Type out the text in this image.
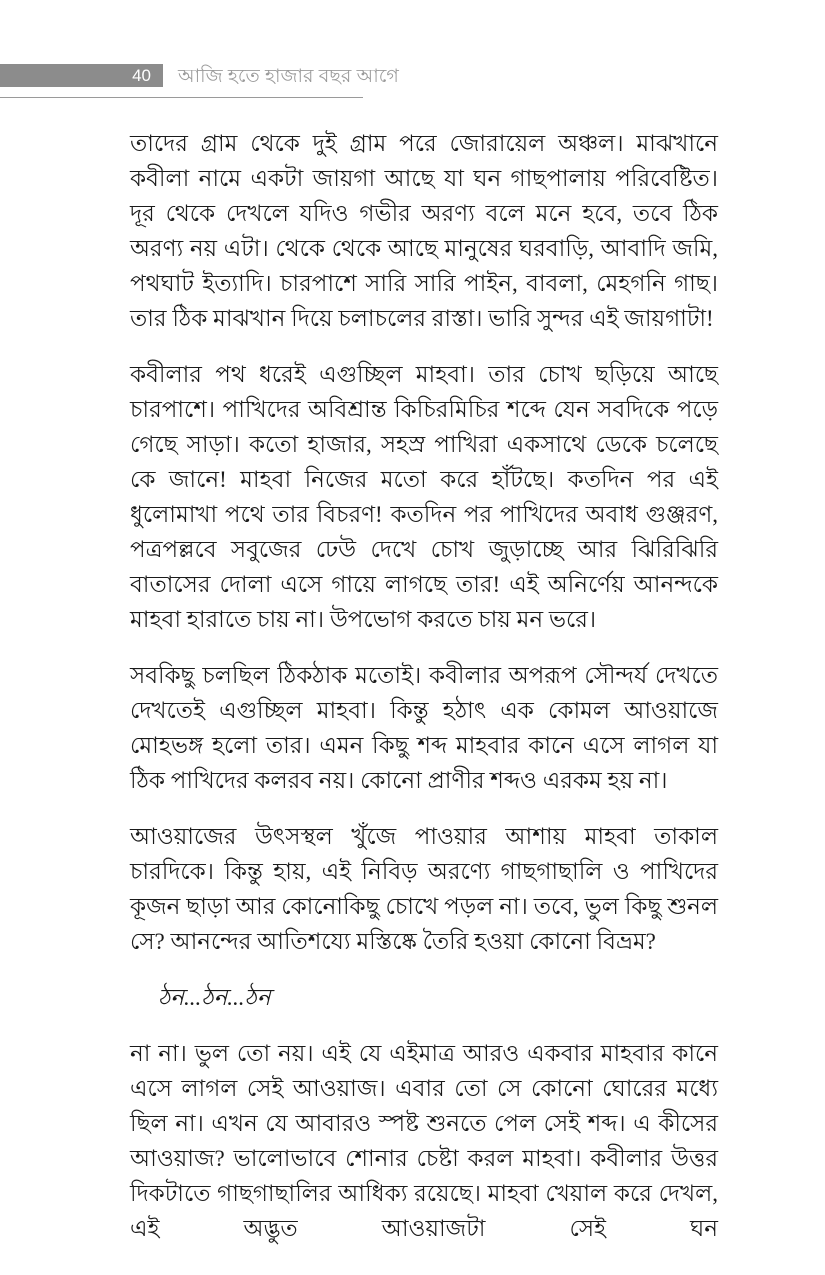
40 আজি হতে হাজার বছর আগে

তাদের গ্রাম থেকে দুই গ্রাম পরে জোরায়েল অঞ্চল। মাঝখানে কবীলা নামে একটা জায়গা আছে যা ঘন গাছপালায় পরিবেষ্টিত। দূর থেকে দেখলে যদিও গভীর অরণ্য বলে মনে হবে, তবে ঠিক অরণ্য নয় এটা। থেকে থেকে আছে মানুষের ঘরবাড়ি, আবাদি জমি, পথঘাট ইত্যাদি। চারপাশে সারি সারি পাইন, বাবলা, মেহগনি গাছ। তার ঠিক মাঝখান দিয়ে চলাচলের রাস্তা। ভারি সুন্দর এই জায়গাটা!

কবীলার পথ ধরেই এগুচ্ছিল মাহবা। তার চোখ ছড়িয়ে আছে চারপাশে। পাখিদের অবিশ্রান্ত কিচিরমিচির শব্দে যেন সবদিকে পড়ে গেছে সাড়া। কতো হাজার, সহস্র পাখিরা একসাথে ডেকে চলেছে কে জানে! মাহবা নিজের মতো করে হাঁটছে। কতদিন পর এই ধুলোমাখা পথে তার বিচরণ! কতদিন পর পাখিদের অবাধ গুঞ্জরণ, পত্রপল্লবে সবুজের ঢেউ দেখে চোখ জুড়াচ্ছে আর ঝিরিঝিরি বাতাসের দোলা এসে গায়ে লাগছে তার! এই অনির্ণেয় আনন্দকে মাহবা হারাতে চায় না। উপভোগ করতে চায় মন ভরে।

সবকিছু চলছিল ঠিকঠাক মতোই। কবীলার অপরূপ সৌন্দর্য দেখতে দেখতেই এগুচ্ছিল মাহবা। কিন্তু হঠাৎ এক কোমল আওয়াজে মোহভঙ্গ হলো তার। এমন কিছু শব্দ মাহবার কানে এসে লাগল যা ঠিক পাখিদের কলরব নয়। কোনো প্রাণীর শব্দও এরকম হয় না।

আওয়াজের উৎসস্থল খুঁজে পাওয়ার আশায় মাহবা তাকাল চারদিকে। কিন্তু হায়, এই নিবিড় অরণ্যে গাছগাছালি ও পাখিদের কূজন ছাড়া আর কোনোকিছু চোখে পড়ল না। তবে, ভুল কিছু শুনল সে? আনন্দের আতিশয্যে মস্তিষ্কে তৈরি হওয়া কোনো বিভ্রম?

ঠন...ঠন...ঠন

না না। ভুল তো নয়। এই যে এইমাত্র আরও একবার মাহবার কানে এসে লাগল সেই আওয়াজ। এবার তো সে কোনো ঘোরের মধ্যে ছিল না। এখন যে আবারও স্পষ্ট শুনতে পেল সেই শব্দ। এ কীসের আওয়াজ? ভালোভাবে শোনার চেষ্টা করল মাহবা। কবীলার উত্তর দিকটাতে গাছগাছালির আধিক্য রয়েছে। মাহবা খেয়াল করে দেখল, এই অদ্ভুত আওয়াজটা সেই ঘন
